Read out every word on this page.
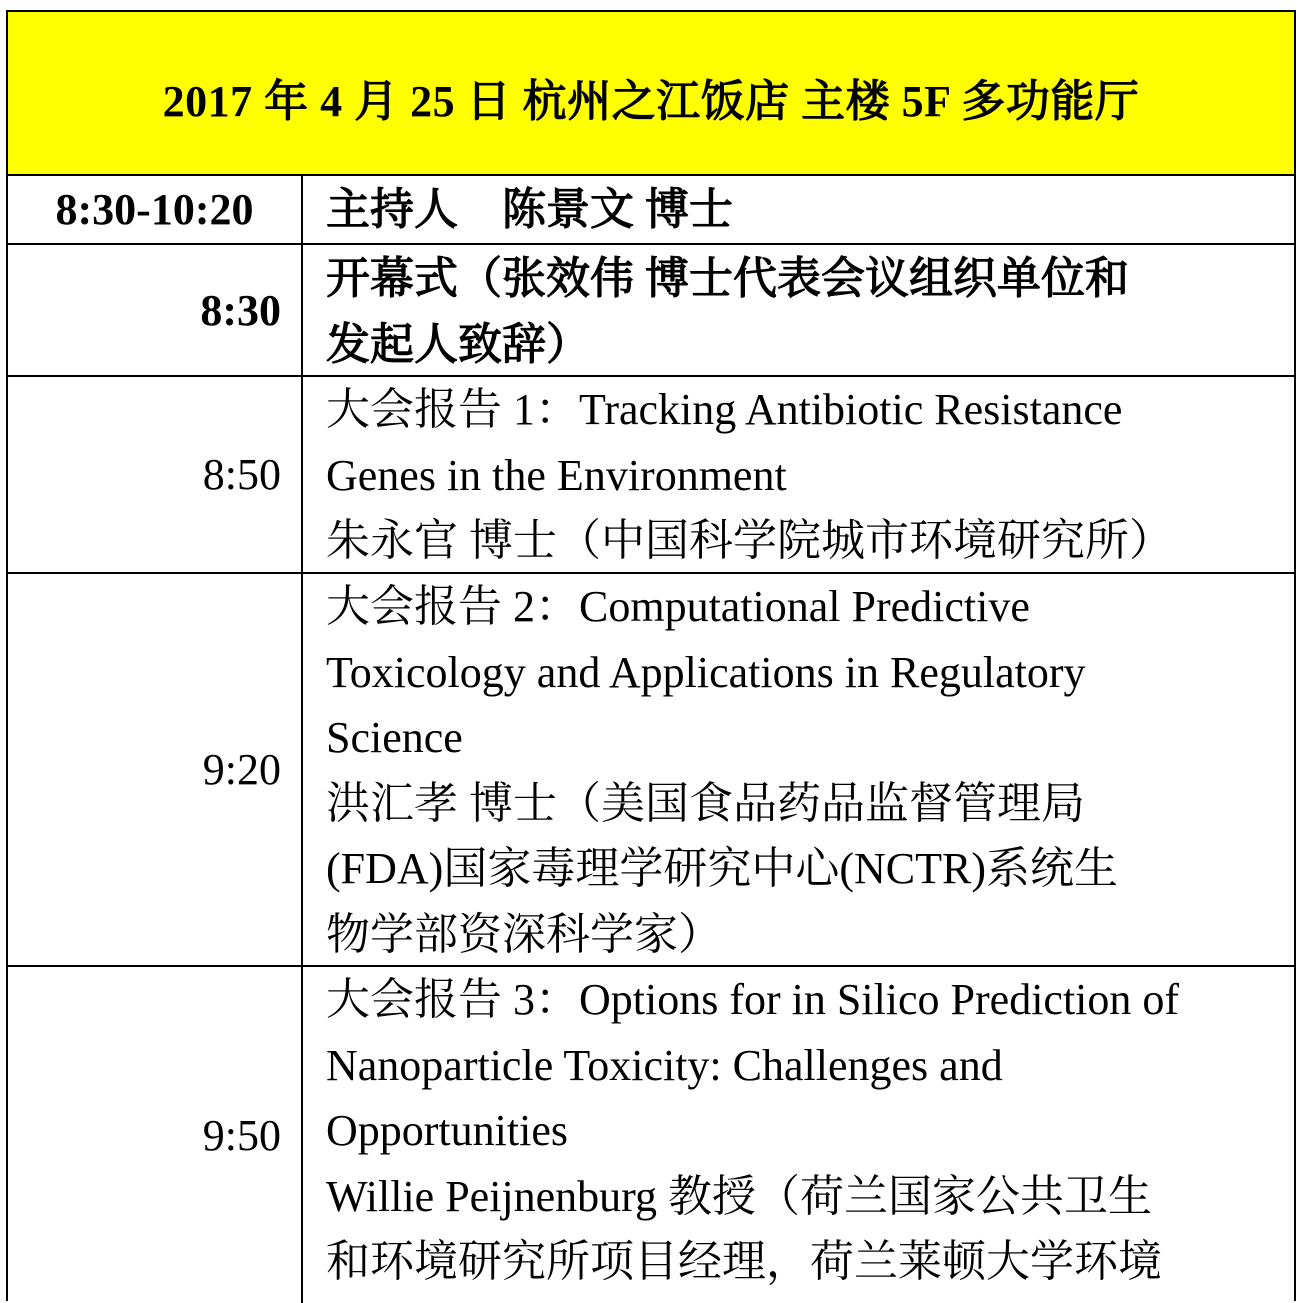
2017 年 4 月 25 日 杭州之江饭店 主楼 5F 多功能厅
8:30-10:20	主持人　陈景文 博士
8:30
开幕式（张效伟 博士代表会议组织单位和
发起人致辞）
8:50
大会报告 1：Tracking Antibiotic Resistance
Genes in the Environment
朱永官 博士（中国科学院城市环境研究所）
9:20
大会报告 2：Computational Predictive
Toxicology and Applications in Regulatory
Science
洪汇孝 博士（美国食品药品监督管理局
(FDA)国家毒理学研究中心(NCTR)系统生
物学部资深科学家）
9:50
大会报告 3：Options for in Silico Prediction of
Nanoparticle Toxicity: Challenges and
Opportunities
Willie Peijnenburg 教授（荷兰国家公共卫生
和环境研究所项目经理，荷兰莱顿大学环境
